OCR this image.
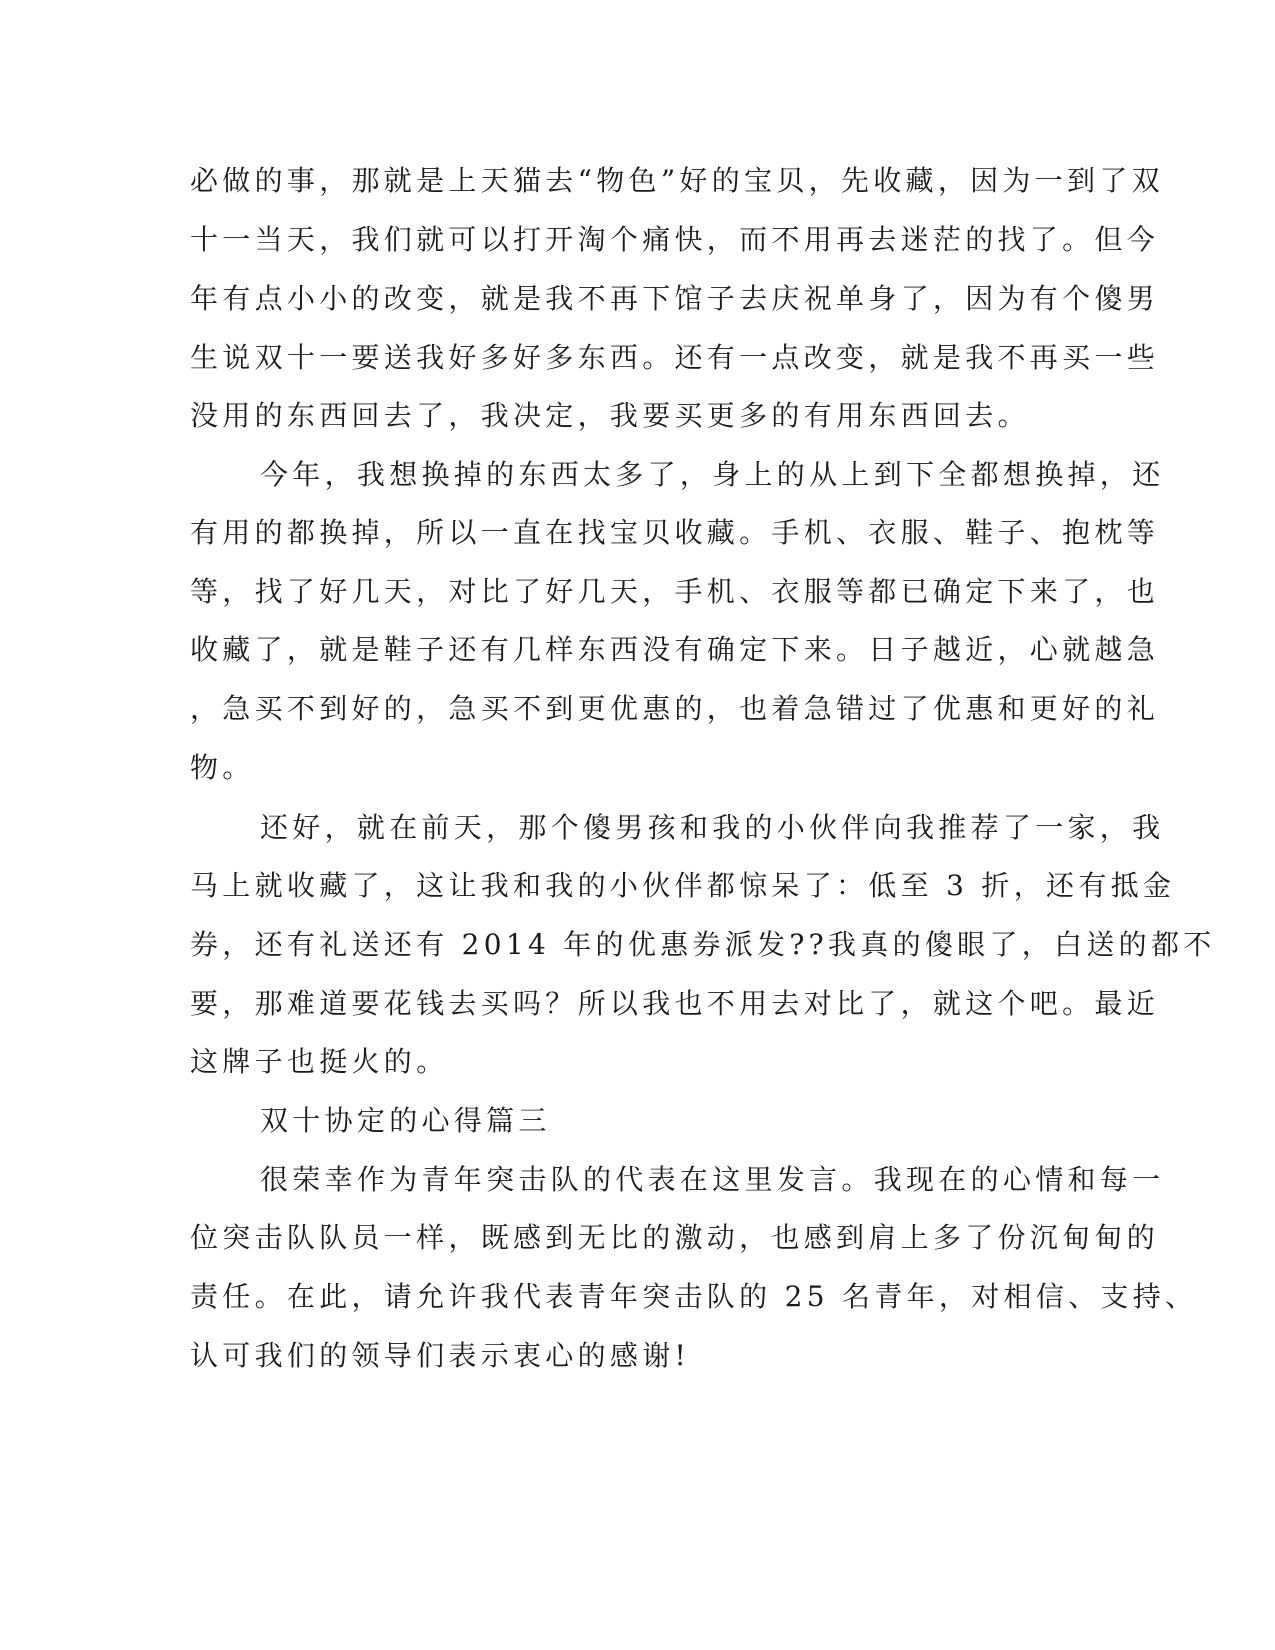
必做的事，那就是上天猫去“物色”好的宝贝，先收藏，因为一到了双
十一当天，我们就可以打开淘个痛快，而不用再去迷茫的找了。但今
年有点小小的改变，就是我不再下馆子去庆祝单身了，因为有个傻男
生说双十一要送我好多好多东西。还有一点改变，就是我不再买一些
没用的东西回去了，我决定，我要买更多的有用东西回去。
今年，我想换掉的东西太多了，身上的从上到下全都想换掉，还
有用的都换掉，所以一直在找宝贝收藏。手机、衣服、鞋子、抱枕等
等，找了好几天，对比了好几天，手机、衣服等都已确定下来了，也
收藏了，就是鞋子还有几样东西没有确定下来。日子越近，心就越急
，急买不到好的，急买不到更优惠的，也着急错过了优惠和更好的礼
物。
还好，就在前天，那个傻男孩和我的小伙伴向我推荐了一家，我
马上就收藏了，这让我和我的小伙伴都惊呆了：低至 3 折，还有抵金
券，还有礼送还有 2014 年的优惠券派发??我真的傻眼了，白送的都不
要，那难道要花钱去买吗？所以我也不用去对比了，就这个吧。最近
这牌子也挺火的。
双十协定的心得篇三
很荣幸作为青年突击队的代表在这里发言。我现在的心情和每一
位突击队队员一样，既感到无比的激动，也感到肩上多了份沉甸甸的
责任。在此，请允许我代表青年突击队的 25 名青年，对相信、支持、
认可我们的领导们表示衷心的感谢!
